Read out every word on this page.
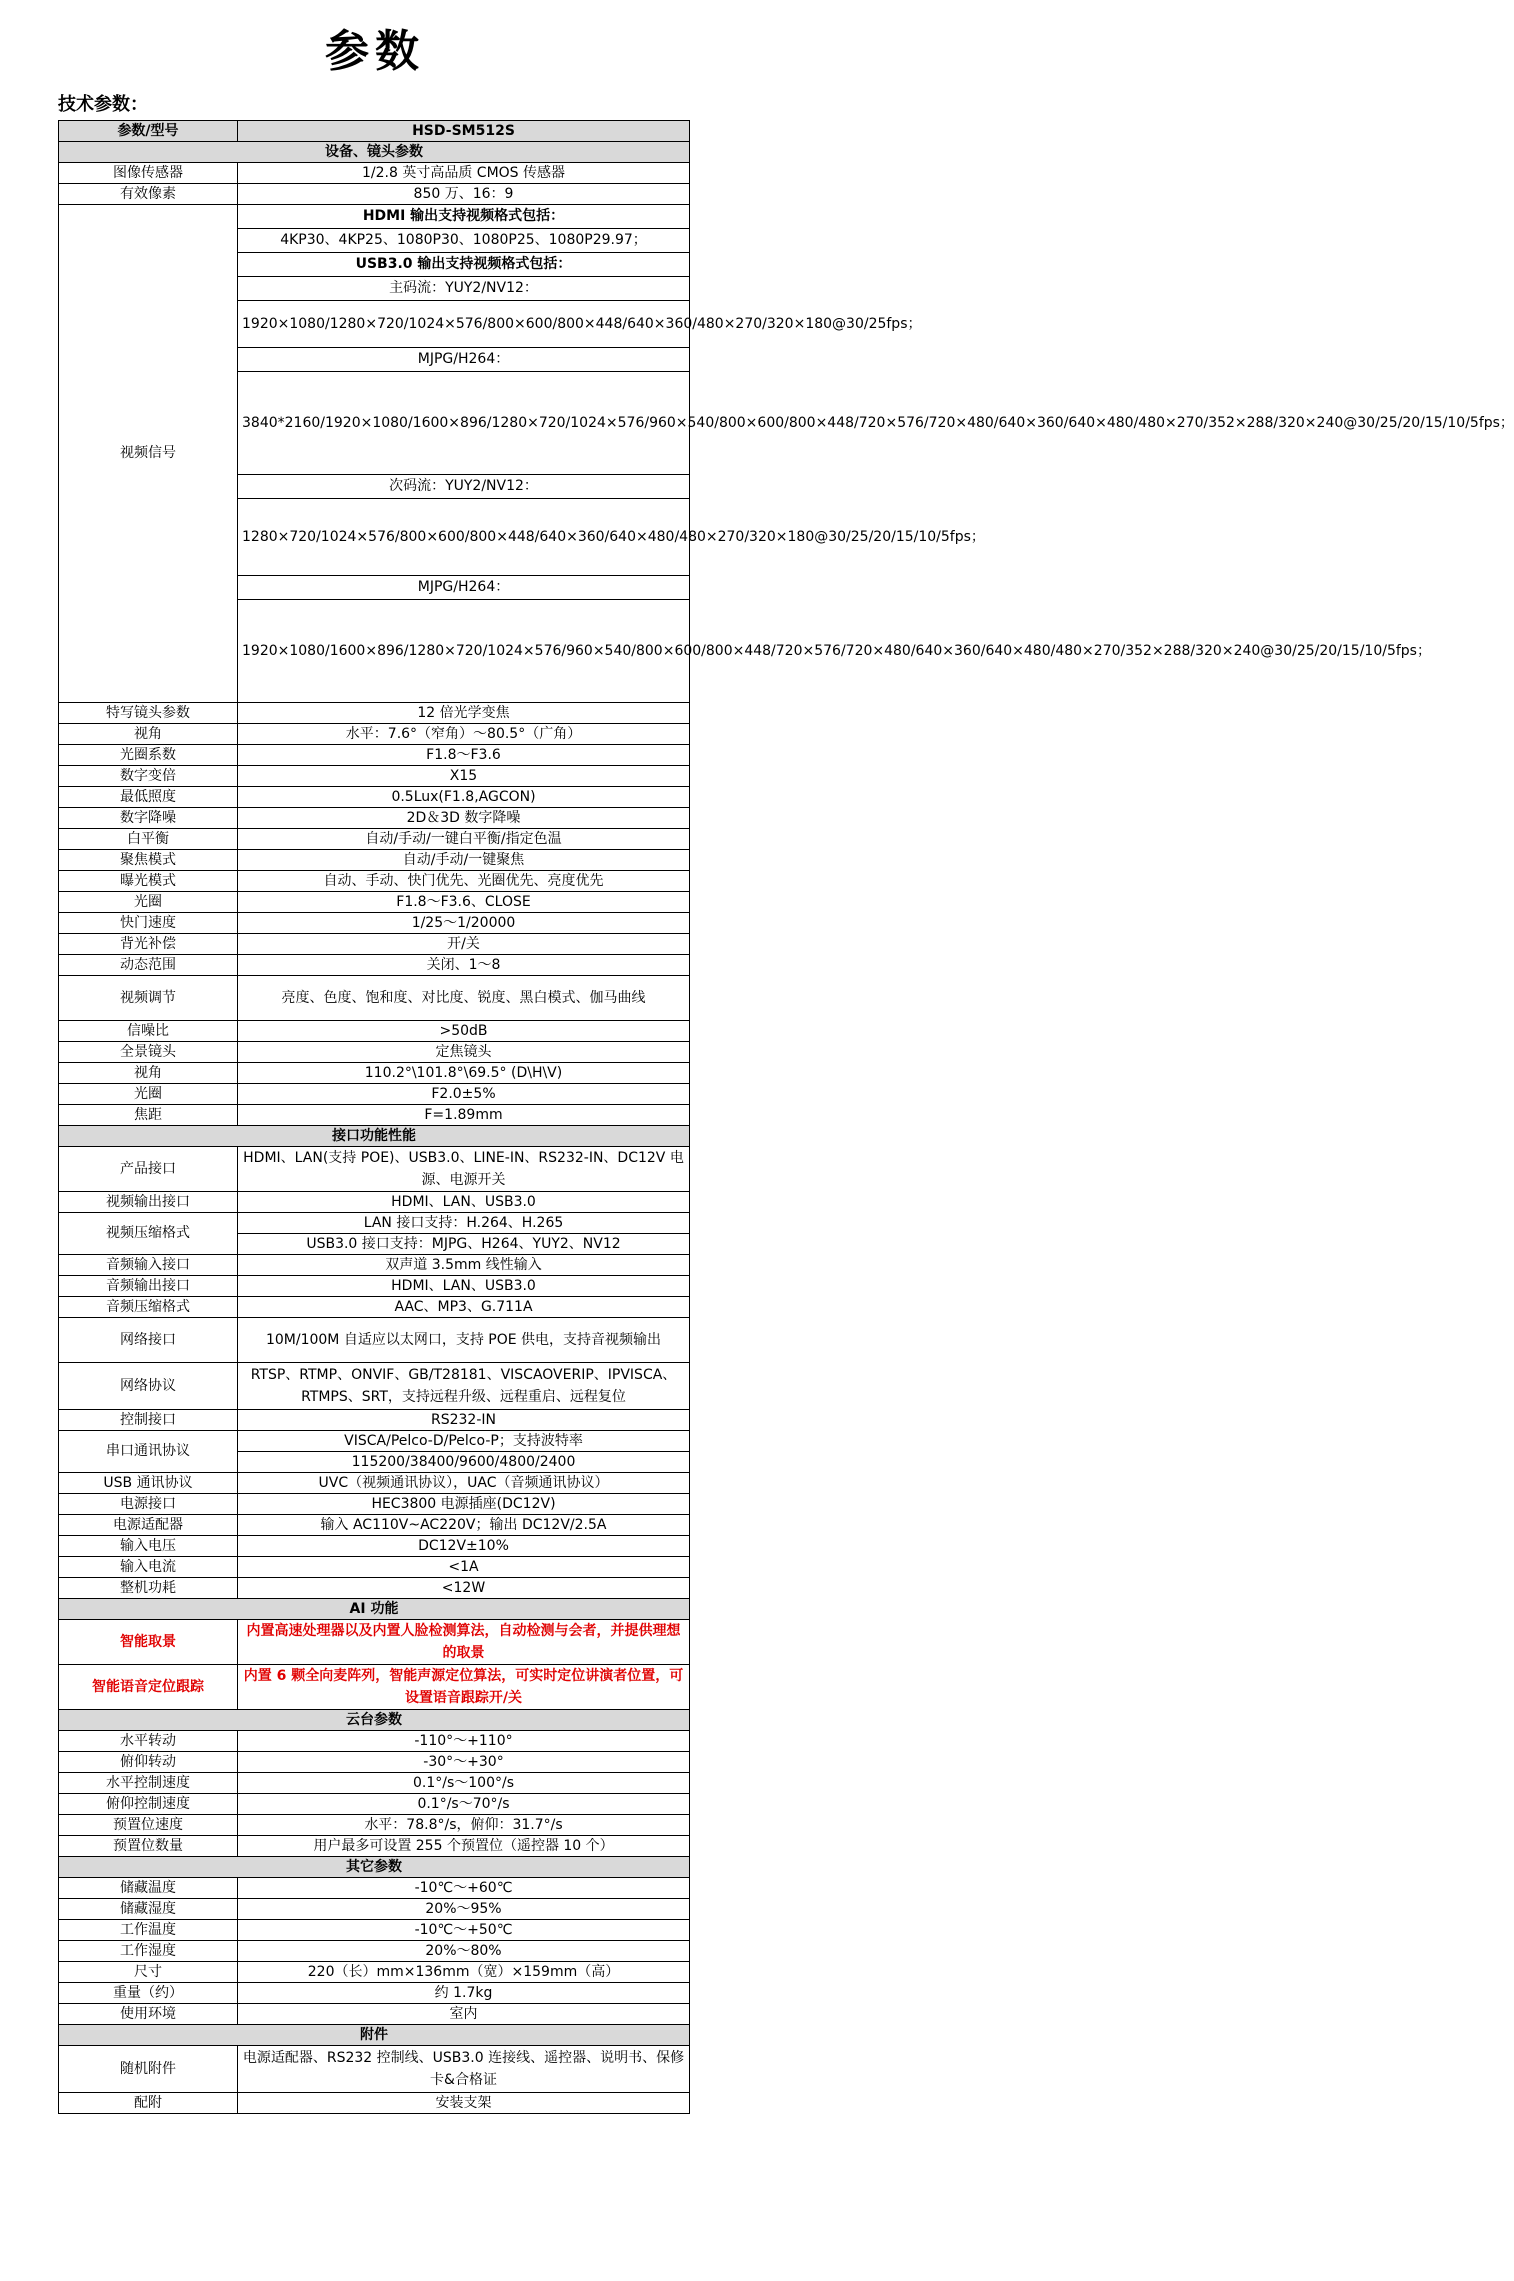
参数
技术参数：
参数/型号	HSD-SM512S
设备、镜头参数	
图像传感器	1/2.8 英寸高品质 CMOS 传感器
有效像素	850 万、16：9
视频信号	HDMI 输出支持视频格式包括：
	4KP30、4KP25、1080P30、1080P25、1080P29.97；
	USB3.0 输出支持视频格式包括：
	主码流：YUY2/NV12：
	1920×1080/1280×720/1024×576/800×600/800×448/640×360/480×270/320×180@30/25fps；
	MJPG/H264：
	3840*2160/1920×1080/1600×896/1280×720/1024×576/960×540/800×600/800×448/720×576/720×480/640×360/640×480/480×270/352×288/320×240@30/25/20/15/10/5fps；
	次码流：YUY2/NV12：
	1280×720/1024×576/800×600/800×448/640×360/640×480/480×270/320×180@30/25/20/15/10/5fps；
	MJPG/H264：
	1920×1080/1600×896/1280×720/1024×576/960×540/800×600/800×448/720×576/720×480/640×360/640×480/480×270/352×288/320×240@30/25/20/15/10/5fps；
特写镜头参数	12 倍光学变焦
视角	水平：7.6°（窄角）～80.5°（广角）
光圈系数	F1.8～F3.6
数字变倍	X15
最低照度	0.5Lux(F1.8,AGCON)
数字降噪	2D＆3D 数字降噪
白平衡	自动/手动/一键白平衡/指定色温
聚焦模式	自动/手动/一键聚焦
曝光模式	自动、手动、快门优先、光圈优先、亮度优先
光圈	F1.8～F3.6、CLOSE
快门速度	1/25～1/20000
背光补偿	开/关
动态范围	关闭、1～8
视频调节	亮度、色度、饱和度、对比度、锐度、黑白模式、伽马曲线
信噪比	>50dB
全景镜头	定焦镜头
视角	110.2°\101.8°\69.5° (D\H\V)
光圈	F2.0±5%
焦距	F=1.89mm
接口功能性能	
产品接口	HDMI、LAN(支持 POE)、USB3.0、LINE-IN、RS232-IN、DC12V 电源、电源开关
视频输出接口	HDMI、LAN、USB3.0
视频压缩格式	LAN 接口支持：H.264、H.265
	USB3.0 接口支持：MJPG、H264、YUY2、NV12
音频输入接口	双声道 3.5mm 线性输入
音频输出接口	HDMI、LAN、USB3.0
音频压缩格式	AAC、MP3、G.711A
网络接口	10M/100M 自适应以太网口，支持 POE 供电，支持音视频输出
网络协议	RTSP、RTMP、ONVIF、GB/T28181、VISCAOVERIP、IPVISCA、RTMPS、SRT，支持远程升级、远程重启、远程复位
控制接口	RS232-IN
串口通讯协议	VISCA/Pelco-D/Pelco-P；支持波特率
	115200/38400/9600/4800/2400
USB 通讯协议	UVC（视频通讯协议），UAC（音频通讯协议）
电源接口	HEC3800 电源插座(DC12V)
电源适配器	输入 AC110V~AC220V；输出 DC12V/2.5A
输入电压	DC12V±10%
输入电流	<1A
整机功耗	<12W
AI 功能	
智能取景	内置高速处理器以及内置人脸检测算法，自动检测与会者，并提供理想的取景
智能语音定位跟踪	内置 6 颗全向麦阵列，智能声源定位算法，可实时定位讲演者位置，可设置语音跟踪开/关
云台参数	
水平转动	-110°～+110°
俯仰转动	-30°～+30°
水平控制速度	0.1°/s～100°/s
俯仰控制速度	0.1°/s～70°/s
预置位速度	水平：78.8°/s，俯仰：31.7°/s
预置位数量	用户最多可设置 255 个预置位（遥控器 10 个）
其它参数	
储藏温度	-10℃～+60℃
储藏湿度	20%～95%
工作温度	-10℃～+50℃
工作湿度	20%～80%
尺寸	220（长）mm×136mm（宽）×159mm（高）
重量（约）	约 1.7kg
使用环境	室内
附件	
随机附件	电源适配器、RS232 控制线、USB3.0 连接线、遥控器、说明书、保修卡&合格证
配附	安装支架
